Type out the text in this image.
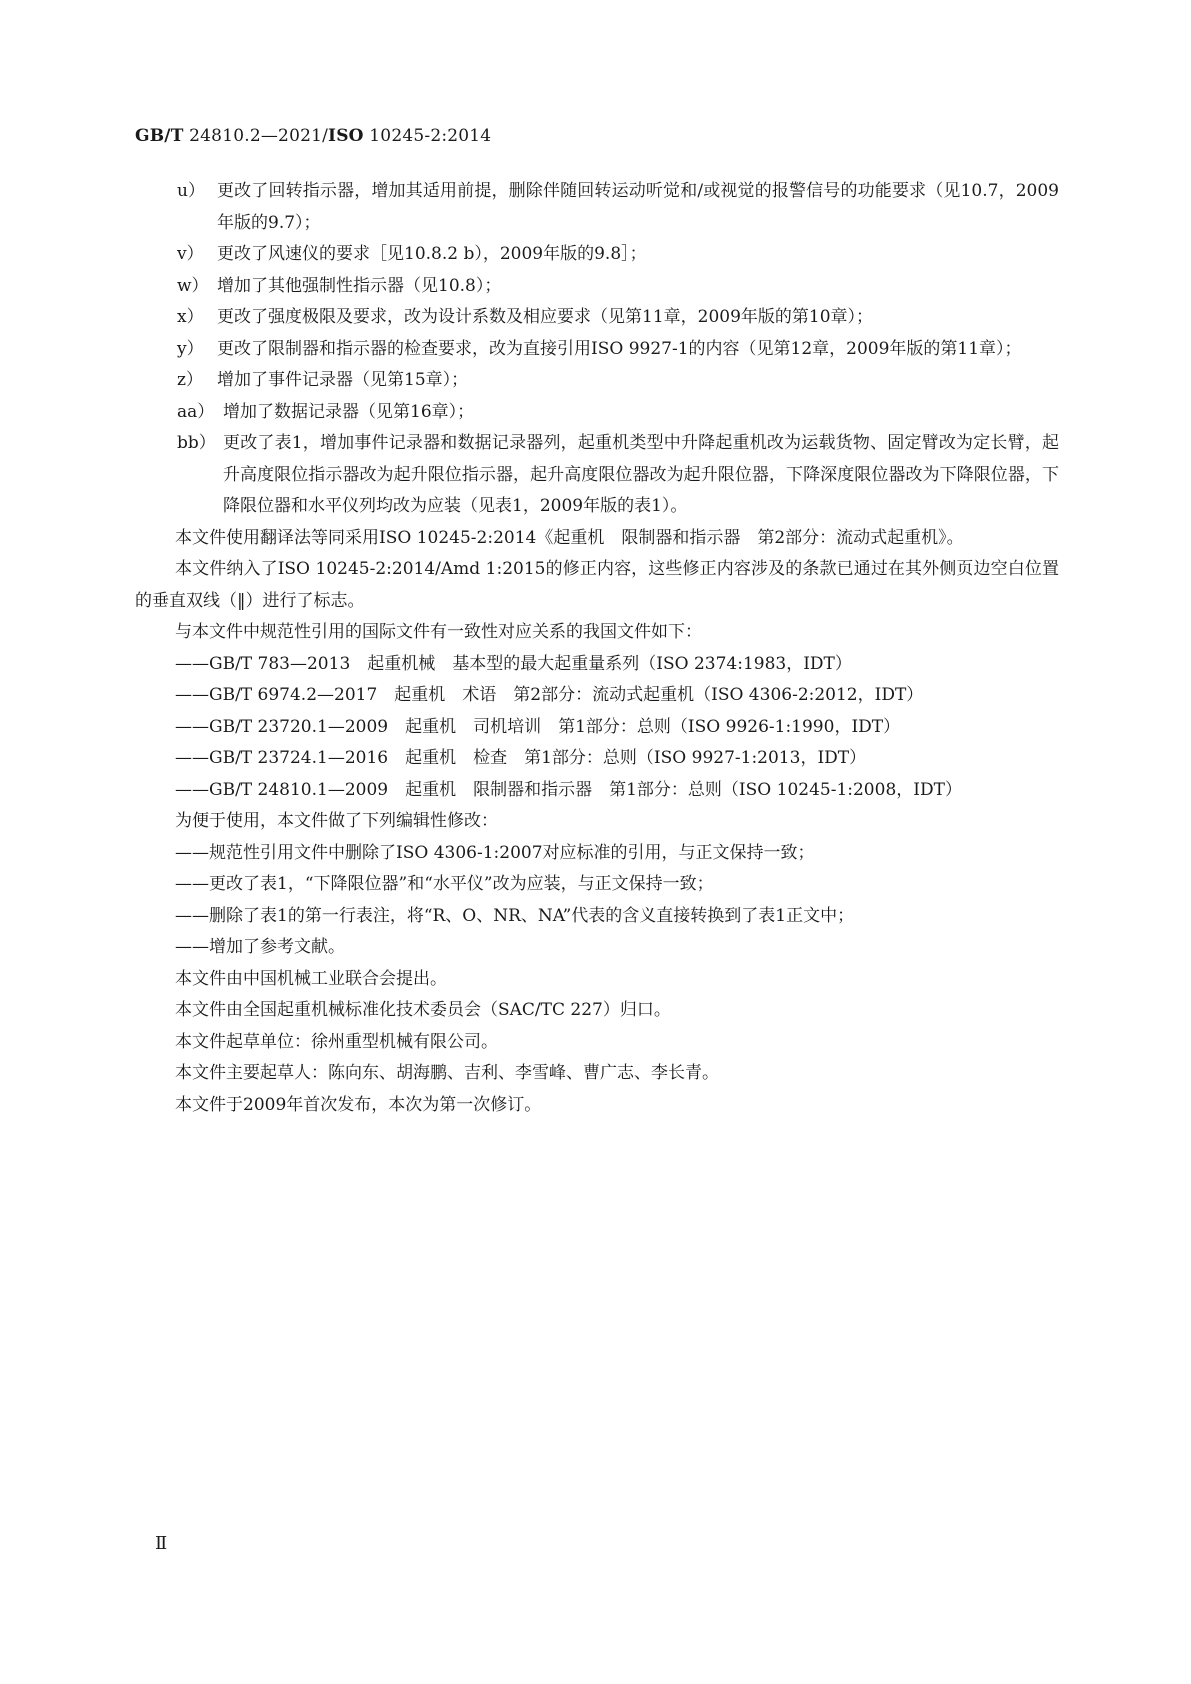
GB/T 24810.2—2021/ISO 10245-2:2014
u） 更改了回转指示器，增加其适用前提，删除伴随回转运动听觉和/或视觉的报警信号的功能要求（见10.7，2009年版的9.7）；
v） 更改了风速仪的要求［见10.8.2 b），2009年版的9.8］；
w） 增加了其他强制性指示器（见10.8）；
x） 更改了强度极限及要求，改为设计系数及相应要求（见第11章，2009年版的第10章）；
y） 更改了限制器和指示器的检查要求，改为直接引用ISO 9927-1的内容（见第12章，2009年版的第11章）；
z） 增加了事件记录器（见第15章）；
aa） 增加了数据记录器（见第16章）；
bb） 更改了表1，增加事件记录器和数据记录器列，起重机类型中升降起重机改为运载货物、固定臂改为定长臂，起升高度限位指示器改为起升限位指示器，起升高度限位器改为起升限位器，下降深度限位器改为下降限位器，下降限位器和水平仪列均改为应装（见表1，2009年版的表1）。

本文件使用翻译法等同采用ISO 10245-2:2014《起重机　限制器和指示器　第2部分：流动式起重机》。

本文件纳入了ISO 10245-2:2014/Amd 1:2015的修正内容，这些修正内容涉及的条款已通过在其外侧页边空白位置的垂直双线（‖）进行了标志。

与本文件中规范性引用的国际文件有一致性对应关系的我国文件如下：

——GB/T 783—2013　起重机械　基本型的最大起重量系列（ISO 2374:1983，IDT）

——GB/T 6974.2—2017　起重机　术语　第2部分：流动式起重机（ISO 4306-2:2012，IDT）

——GB/T 23720.1—2009　起重机　司机培训　第1部分：总则（ISO 9926-1:1990，IDT）

——GB/T 23724.1—2016　起重机　检查　第1部分：总则（ISO 9927-1:2013，IDT）

——GB/T 24810.1—2009　起重机　限制器和指示器　第1部分：总则（ISO 10245-1:2008，IDT）

为便于使用，本文件做了下列编辑性修改：

——规范性引用文件中删除了ISO 4306-1:2007对应标准的引用，与正文保持一致；

——更改了表1，“下降限位器”和“水平仪”改为应装，与正文保持一致；

——删除了表1的第一行表注，将“R、O、NR、NA”代表的含义直接转换到了表1正文中；

——增加了参考文献。

本文件由中国机械工业联合会提出。

本文件由全国起重机械标准化技术委员会（SAC/TC 227）归口。

本文件起草单位：徐州重型机械有限公司。

本文件主要起草人：陈向东、胡海鹏、吉利、李雪峰、曹广志、李长青。

本文件于2009年首次发布，本次为第一次修订。

Ⅱ
